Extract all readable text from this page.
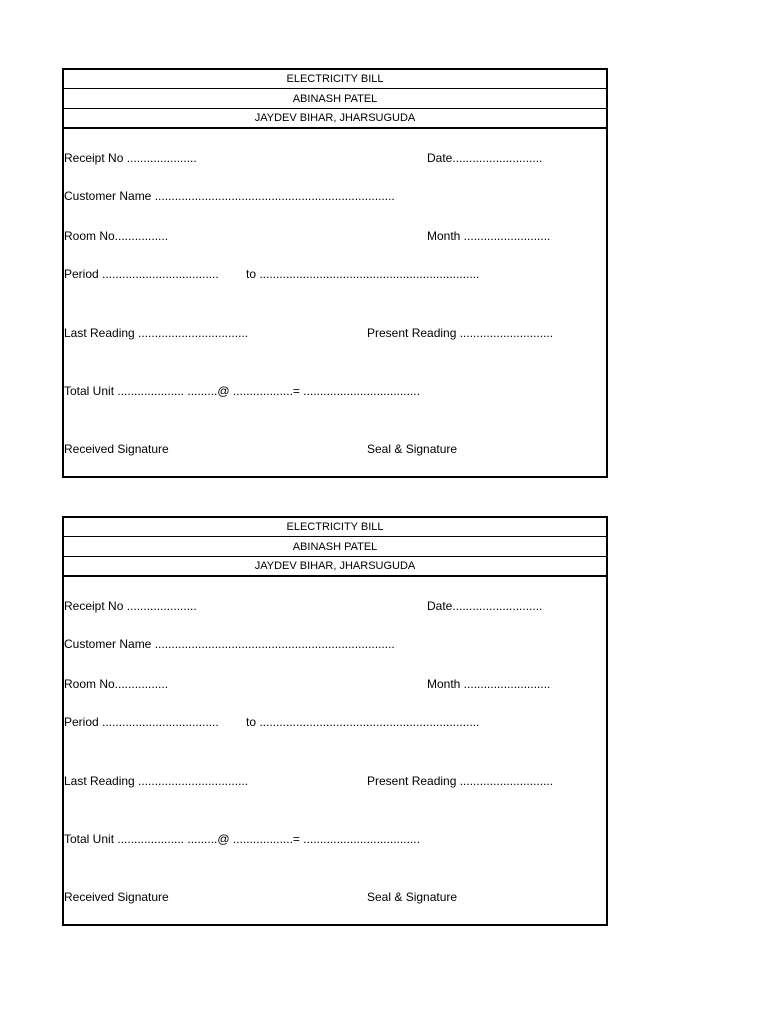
ELECTRICITY BILL
ABINASH PATEL
JAYDEV BIHAR, JHARSUGUDA
Receipt No .....................	Date...........................
Customer Name ........................................................................
Room No................	Month ..........................
Period ................................... to ..................................................................
Last Reading .................................	Present Reading ............................
Total Unit .................... .........@ ..................= ...................................
Received Signature	Seal & Signature
ELECTRICITY BILL
ABINASH PATEL
JAYDEV BIHAR, JHARSUGUDA
Receipt No .....................	Date...........................
Customer Name ........................................................................
Room No................	Month ..........................
Period ................................... to ..................................................................
Last Reading .................................	Present Reading ............................
Total Unit .................... .........@ ..................= ...................................
Received Signature	Seal & Signature
